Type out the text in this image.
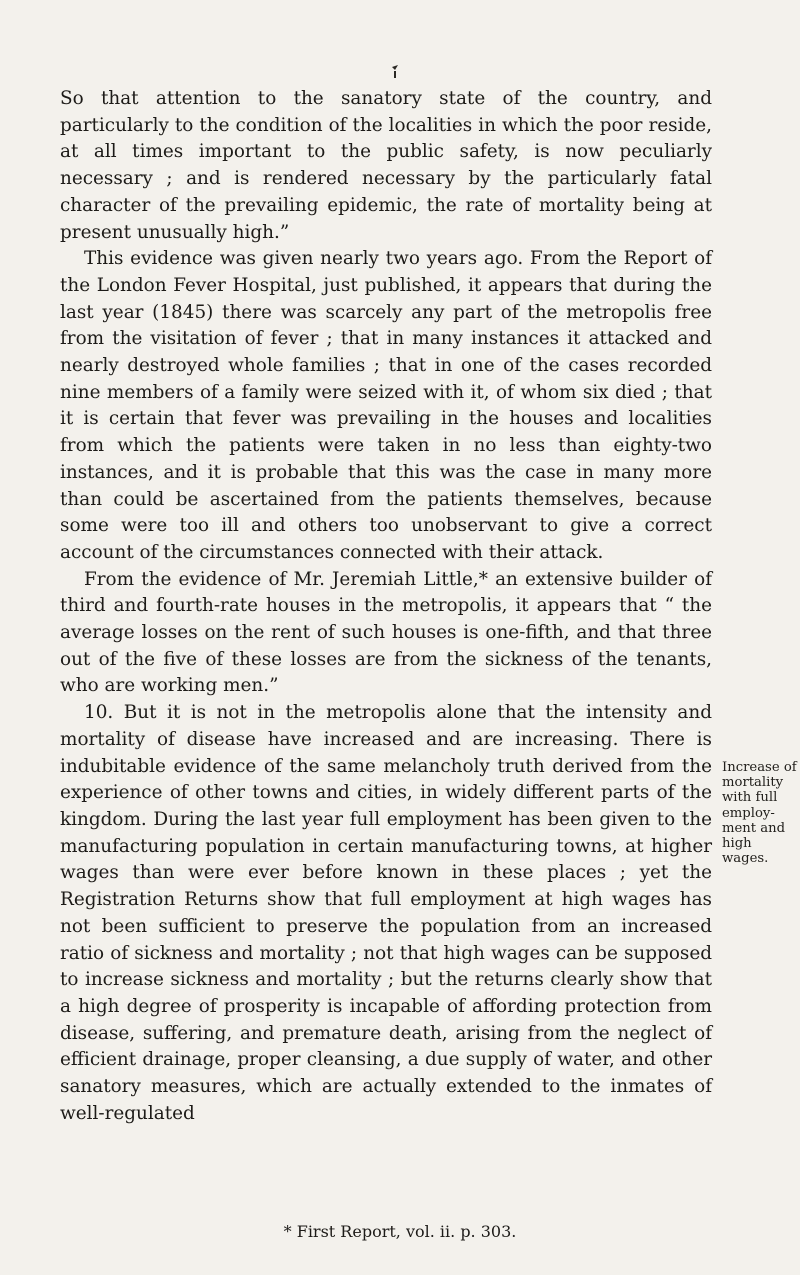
So that attention to the sanatory state of the country, and particularly to the condition of the localities in which the poor reside, at all times important to the public safety, is now peculiarly necessary ; and is rendered necessary by the particularly fatal character of the prevailing epidemic, the rate of mortality being at present unusually high.”

This evidence was given nearly two years ago. From the Report of the London Fever Hospital, just published, it appears that during the last year (1845) there was scarcely any part of the metropolis free from the visitation of fever ; that in many instances it attacked and nearly destroyed whole families ; that in one of the cases recorded nine members of a family were seized with it, of whom six died ; that it is certain that fever was prevailing in the houses and localities from which the patients were taken in no less than eighty-two instances, and it is probable that this was the case in many more than could be ascertained from the patients themselves, because some were too ill and others too unobservant to give a correct account of the circumstances connected with their attack.

From the evidence of Mr. Jeremiah Little,* an extensive builder of third and fourth-rate houses in the metropolis, it appears that “ the average losses on the rent of such houses is one-fifth, and that three out of the five of these losses are from the sickness of the tenants, who are working men.”

10. But it is not in the metropolis alone that the intensity and mortality of disease have increased and are increasing. There is indubitable evidence of the same melancholy truth derived from the experience of other towns and cities, in widely different parts of the kingdom. During the last year full employment has been given to the manufacturing population in certain manufacturing towns, at higher wages than were ever before known in these places ; yet the Registration Returns show that full employment at high wages has not been sufficient to preserve the population from an increased ratio of sickness and mortality ; not that high wages can be supposed to increase sickness and mortality ; but the returns clearly show that a high degree of prosperity is incapable of affording protection from disease, suffering, and premature death, arising from the neglect of efficient drainage, proper cleansing, a due supply of water, and other sanatory measures, which are actually extended to the inmates of well-regulated

Increase of mortality with full employ-ment and high wages.
* First Report, vol. ii. p. 303.
